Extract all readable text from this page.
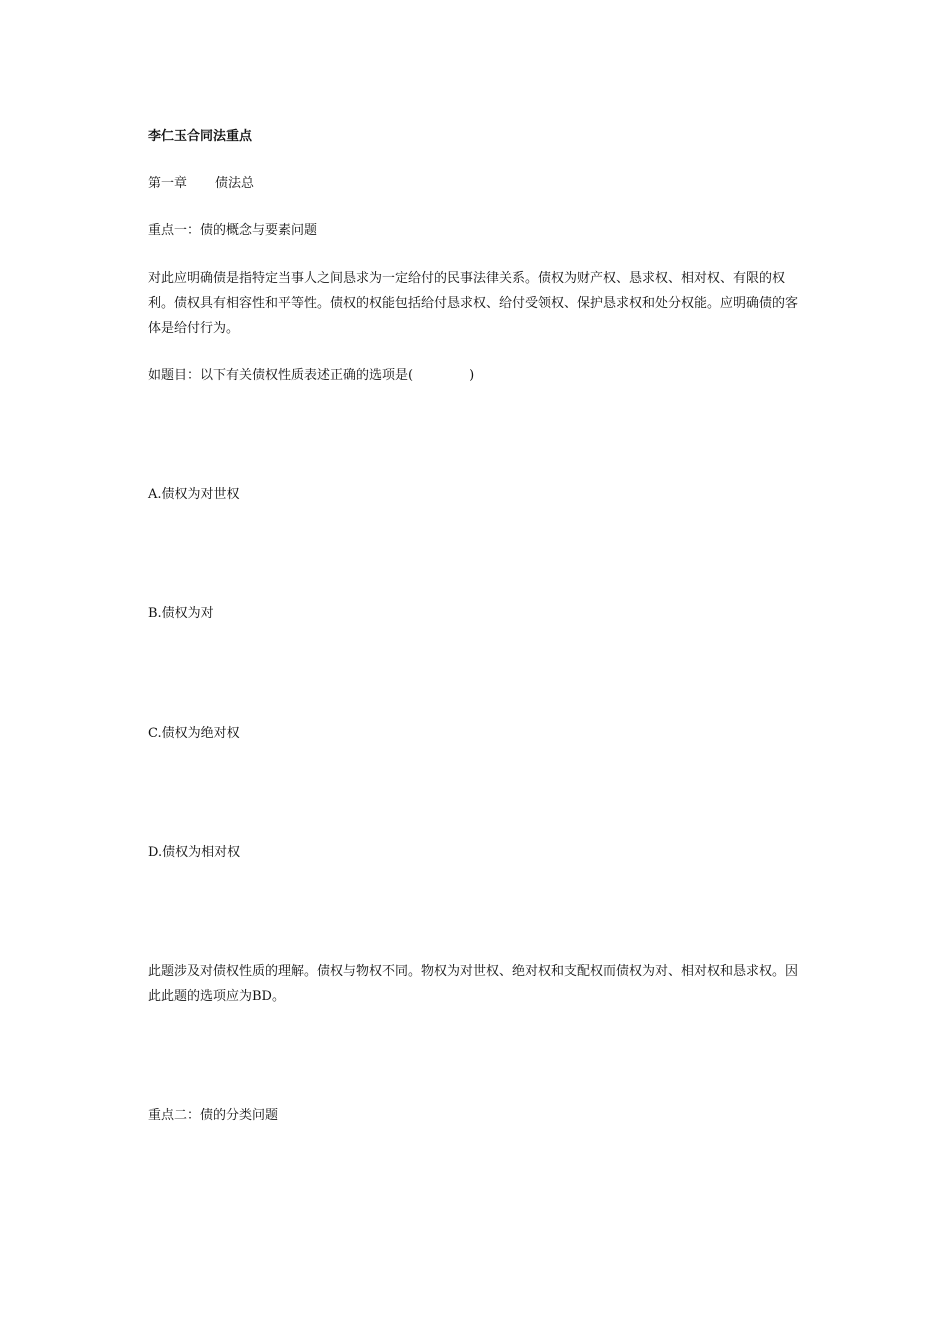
李仁玉合同法重点
第一章 债法总
重点一：债的概念与要素问题
对此应明确债是指特定当事人之间恳求为一定给付的民事法律关系。债权为财产权、恳求权、相对权、有限的权利。债权具有相容性和平等性。债权的权能包括给付恳求权、给付受领权、保护恳求权和处分权能。应明确债的客体是给付行为。
如题目：以下有关债权性质表述正确的选项是(	)
A.债权为对世权
B.债权为对
C.债权为绝对权
D.债权为相对权
此题涉及对债权性质的理解。债权与物权不同。物权为对世权、绝对权和支配权而债权为对、相对权和恳求权。因此此题的选项应为BD。
重点二：债的分类问题
